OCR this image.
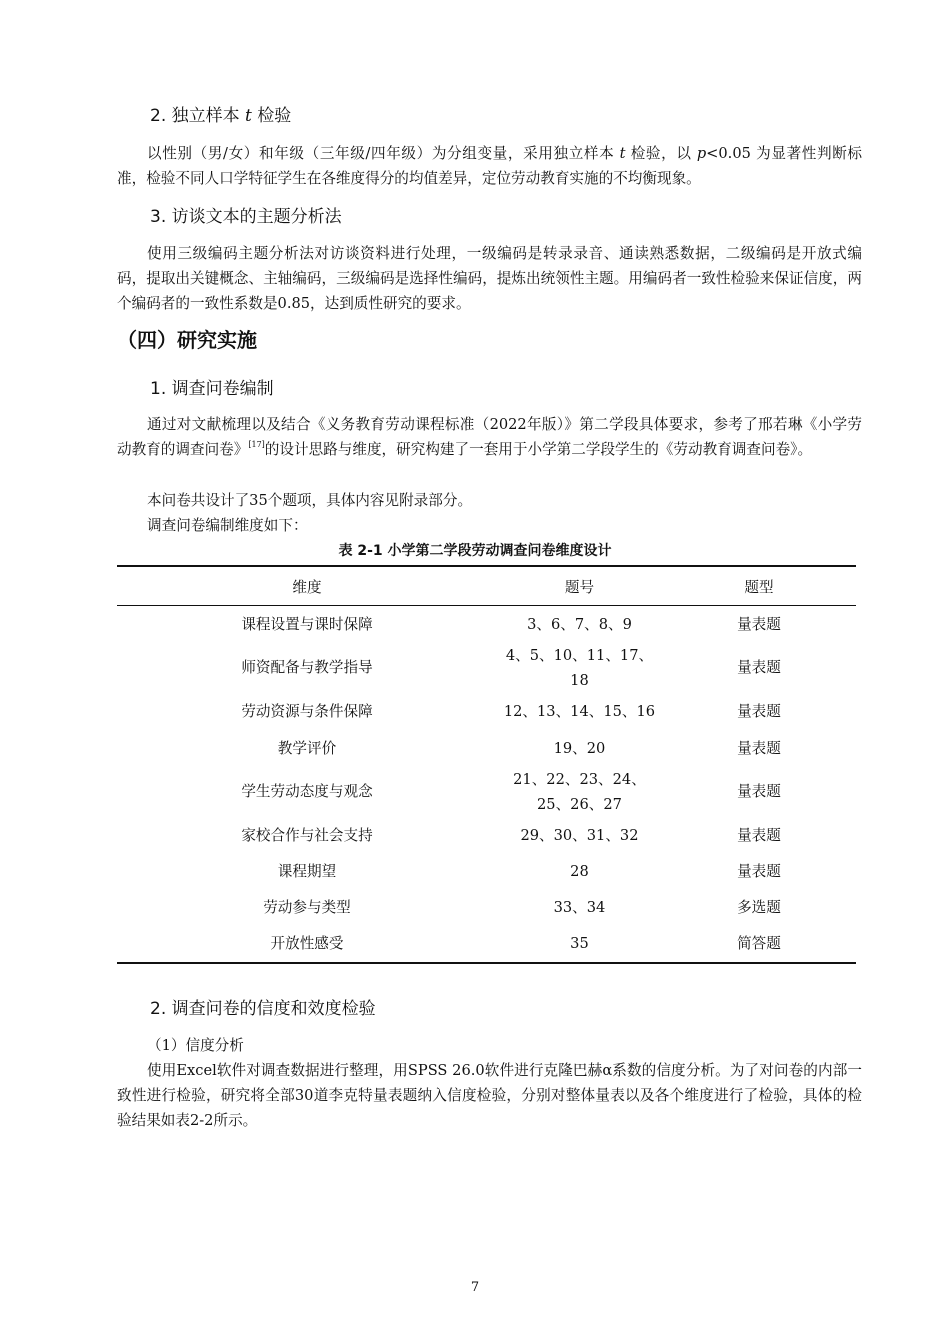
2. 独立样本 t 检验
以性别（男/女）和年级（三年级/四年级）为分组变量，采用独立样本 t 检验，以 p<0.05 为显著性判断标准，检验不同人口学特征学生在各维度得分的均值差异，定位劳动教育实施的不均衡现象。
3. 访谈文本的主题分析法
使用三级编码主题分析法对访谈资料进行处理，一级编码是转录录音、通读熟悉数据，二级编码是开放式编码，提取出关键概念、主轴编码，三级编码是选择性编码，提炼出统领性主题。用编码者一致性检验来保证信度，两个编码者的一致性系数是0.85，达到质性研究的要求。
（四）研究实施
1. 调查问卷编制
通过对文献梳理以及结合《义务教育劳动课程标准（2022年版）》第二学段具体要求，参考了邢若琳《小学劳动教育的调查问卷》[17]的设计思路与维度，研究构建了一套用于小学第二学段学生的《劳动教育调查问卷》。
本问卷共设计了35个题项，具体内容见附录部分。
调查问卷编制维度如下：
表 2-1 小学第二学段劳动调查问卷维度设计
维度	题号	题型
课程设置与课时保障	3、6、7、8、9	量表题
师资配备与教学指导	4、5、10、11、17、18	量表题
劳动资源与条件保障	12、13、14、15、16	量表题
教学评价	19、20	量表题
学生劳动态度与观念	21、22、23、24、25、26、27	量表题
家校合作与社会支持	29、30、31、32	量表题
课程期望	28	量表题
劳动参与类型	33、34	多选题
开放性感受	35	简答题
2. 调查问卷的信度和效度检验
（1）信度分析
使用Excel软件对调查数据进行整理，用SPSS 26.0软件进行克隆巴赫α系数的信度分析。为了对问卷的内部一致性进行检验，研究将全部30道李克特量表题纳入信度检验，分别对整体量表以及各个维度进行了检验，具体的检验结果如表2-2所示。
7
